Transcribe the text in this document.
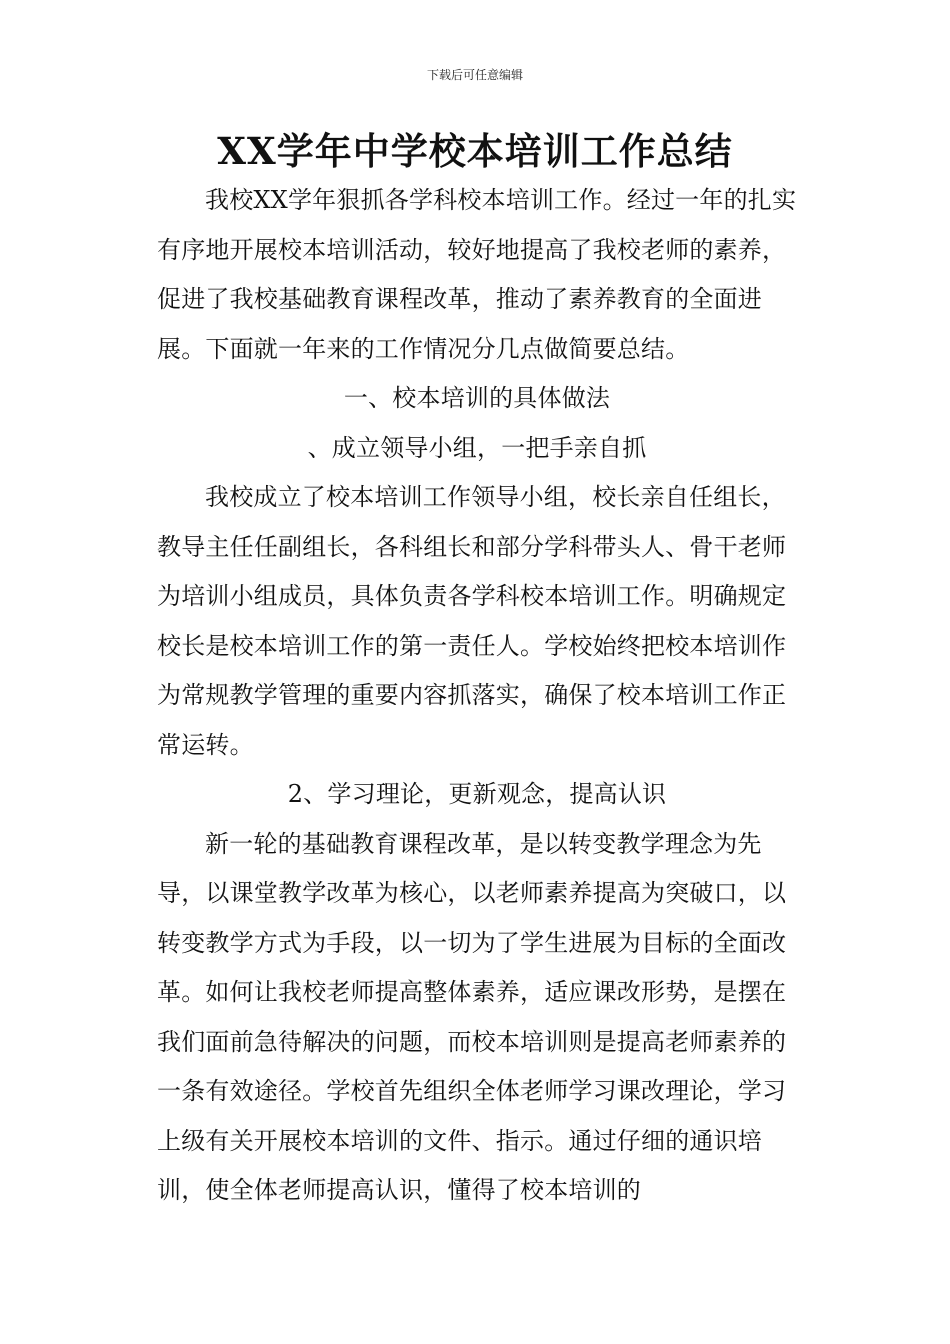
下载后可任意编辑
XX学年中学校本培训工作总结

我校XX学年狠抓各学科校本培训工作。经过一年的扎实有序地开展校本培训活动，较好地提高了我校老师的素养，促进了我校基础教育课程改革，推动了素养教育的全面进展。下面就一年来的工作情况分几点做简要总结。

一、校本培训的具体做法

、成立领导小组，一把手亲自抓

我校成立了校本培训工作领导小组，校长亲自任组长，教导主任任副组长，各科组长和部分学科带头人、骨干老师为培训小组成员，具体负责各学科校本培训工作。明确规定校长是校本培训工作的第一责任人。学校始终把校本培训作为常规教学管理的重要内容抓落实，确保了校本培训工作正常运转。

2、学习理论，更新观念，提高认识

新一轮的基础教育课程改革，是以转变教学理念为先导，以课堂教学改革为核心，以老师素养提高为突破口，以转变教学方式为手段，以一切为了学生进展为目标的全面改革。如何让我校老师提高整体素养，适应课改形势，是摆在我们面前急待解决的问题，而校本培训则是提高老师素养的一条有效途径。学校首先组织全体老师学习课改理论，学习上级有关开展校本培训的文件、指示。通过仔细的通识培训，使全体老师提高认识，懂得了校本培训的
